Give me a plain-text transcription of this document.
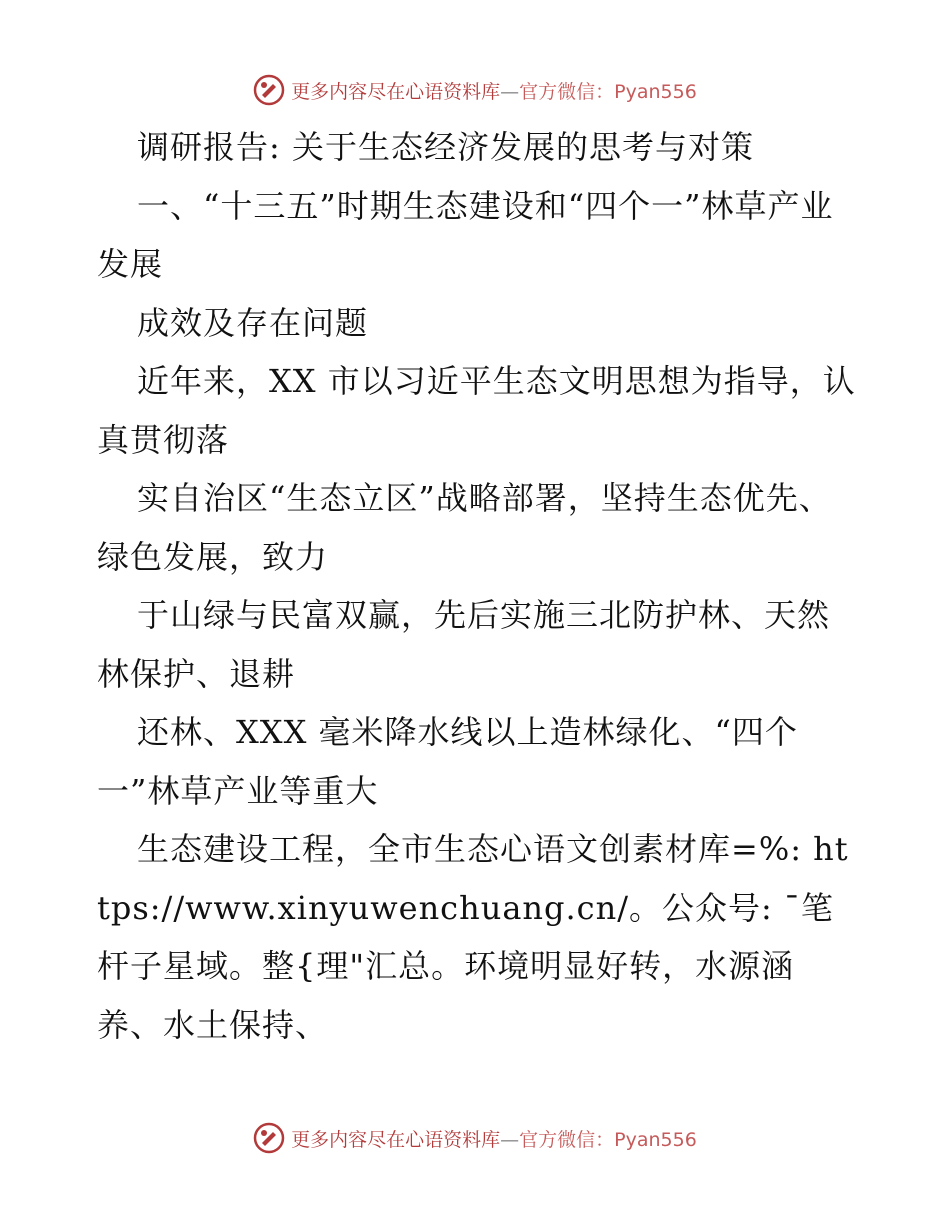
更多内容尽在心语资料库—官方微信：Pyan556

调研报告: 关于生态经济发展的思考与对策

一、“十三五”时期生态建设和“四个一”林草产业发展

成效及存在问题

近年来，XX 市以习近平生态文明思想为指导，认真贯彻落

实自治区“生态立区”战略部署，坚持生态优先、绿色发展，致力

于山绿与民富双赢，先后实施三北防护林、天然林保护、退耕

还林、XXX 毫米降水线以上造林绿化、“四个一”林草产业等重大

生态建设工程，全市生态心语文创素材库=%: https://www.xinyuwenchuang.cn/。公众号: ¯笔杆子星域。整{理"汇总。环境明显好转，水源涵养、水土保持、

更多内容尽在心语资料库—官方微信：Pyan556
